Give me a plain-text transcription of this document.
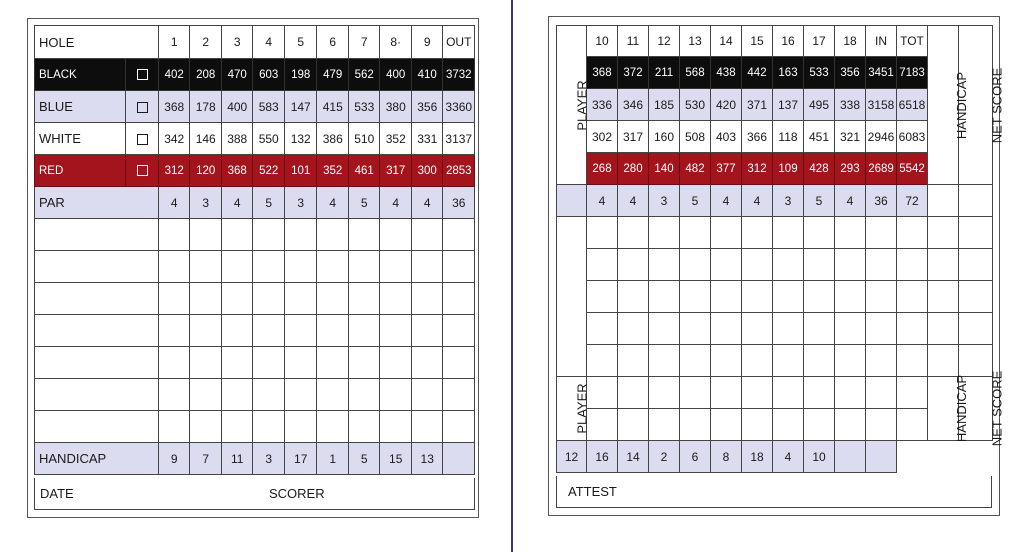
HOLE		1	2	3	4	5	6	7	8·	9	OUT
BLACK		402	208	470	603	198	479	562	400	410	3732
BLUE		368	178	400	583	147	415	533	380	356	3360
WHITE		342	146	388	550	132	386	510	352	331	3137
RED		312	120	368	522	101	352	461	317	300	2853
PAR		4	3	4	5	3	4	5	4	4	36

HANDICAP		9	7	11	3	17	1	5	15	13	
DATE	SCORER
PLAYER	10	11	12	13	14	15	16	17	18	IN	TOT	HANDICAP	NET SCORE
	368	372	211	568	438	442	163	533	356	3451	7183		
	336	346	185	530	420	371	137	495	338	3158	6518		
	302	317	160	508	403	366	118	451	321	2946	6083		
	268	280	140	482	377	312	109	428	293	2689	5542		
	4	4	3	5	4	4	3	5	4	36	72		

PLAYER												HANDICAP	NET SCORE

12	16	14	2	6	8	18	4	10					
ATTEST
